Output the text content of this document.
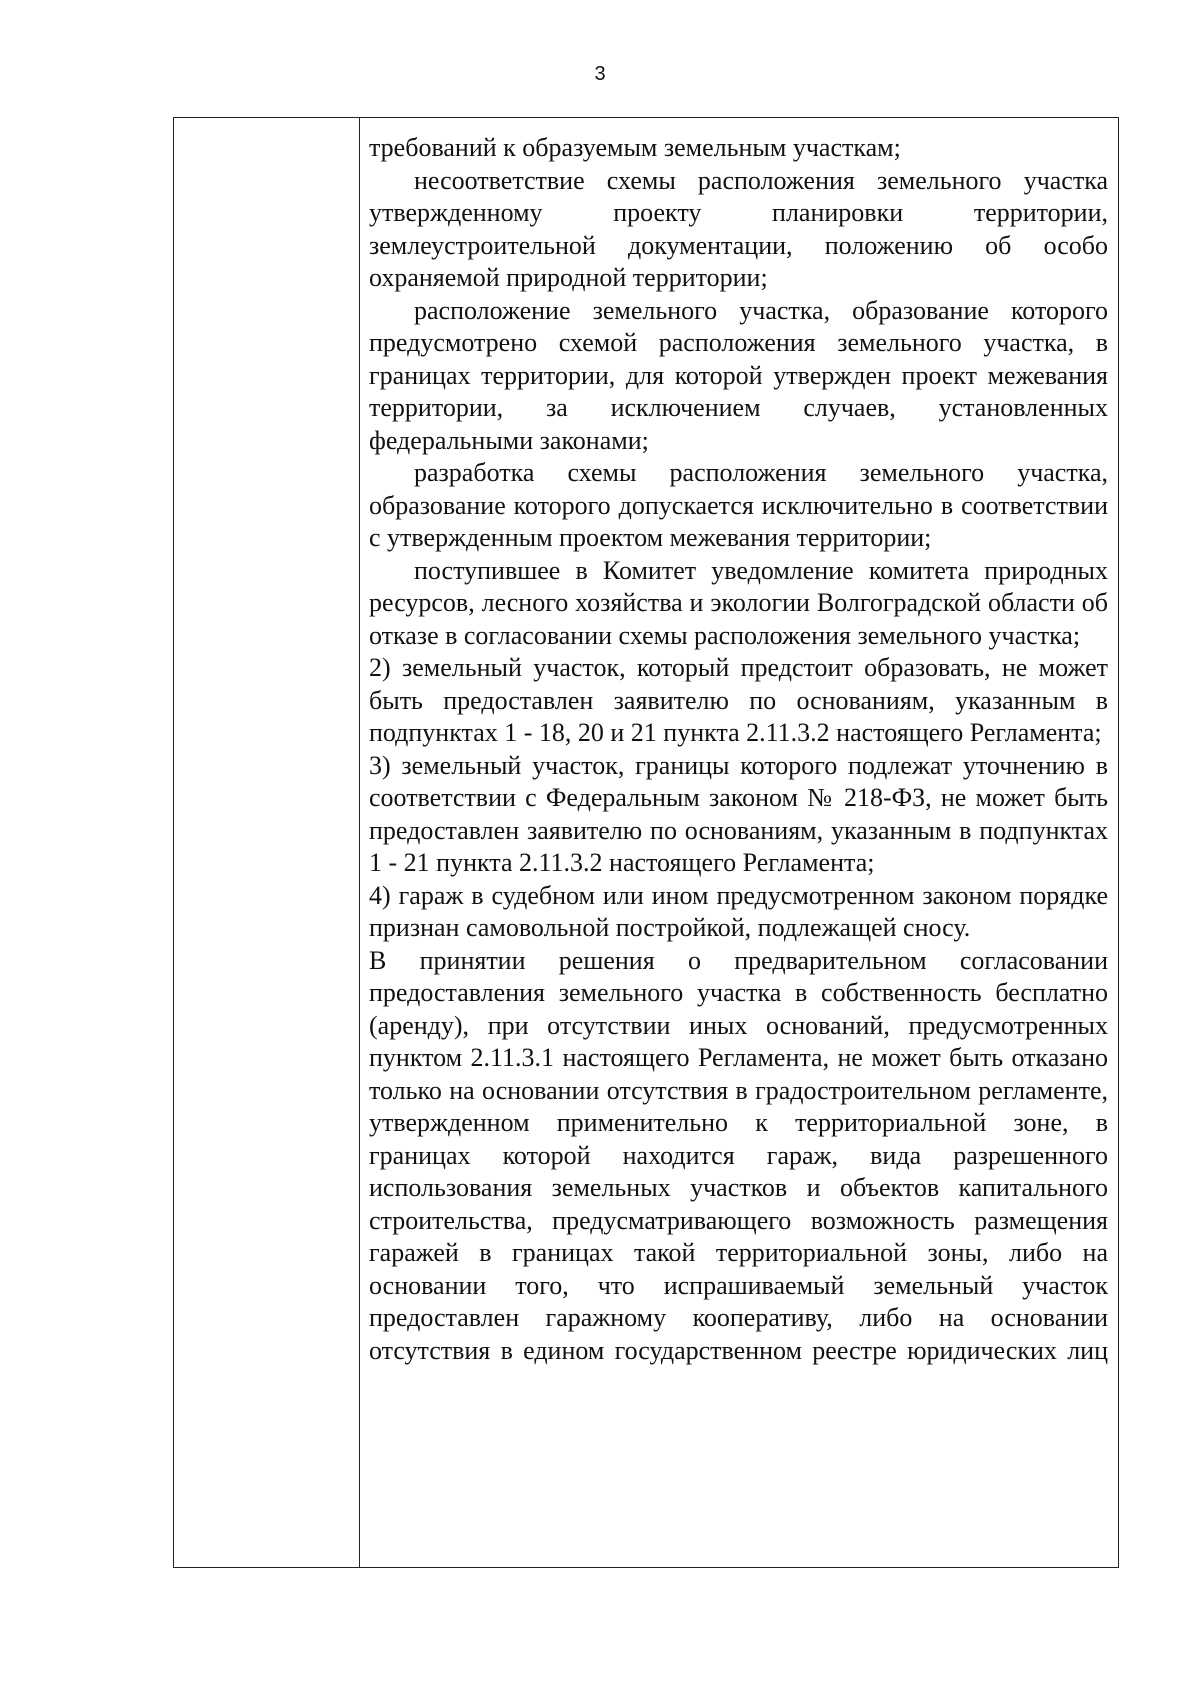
3

требований к образуемым земельным участкам;

несоответствие схемы расположения земельного участка утвержденному проекту планировки территории, землеустроительной документации, положению об особо охраняемой природной территории;

расположение земельного участка, образование которого предусмотрено схемой расположения земельного участка, в границах территории, для которой утвержден проект межевания территории, за исключением случаев, установленных федеральными законами;

разработка схемы расположения земельного участка, образование которого допускается исключительно в соответствии с утвержденным проектом межевания территории;

поступившее в Комитет уведомление комитета природных ресурсов, лесного хозяйства и экологии Волгоградской области об отказе в согласовании схемы расположения земельного участка;

2) земельный участок, который предстоит образовать, не может быть предоставлен заявителю по основаниям, указанным в подпунктах 1 - 18, 20 и 21 пункта 2.11.3.2 настоящего Регламента;

3) земельный участок, границы которого подлежат уточнению в соответствии с Федеральным законом № 218-ФЗ, не может быть предоставлен заявителю по основаниям, указанным в подпунктах 1 - 21 пункта 2.11.3.2 настоящего Регламента;

4) гараж в судебном или ином предусмотренном законом порядке признан самовольной постройкой, подлежащей сносу.

В принятии решения о предварительном согласовании предоставления земельного участка в собственность бесплатно (аренду), при отсутствии иных оснований, предусмотренных пунктом 2.11.3.1 настоящего Регламента, не может быть отказано только на основании отсутствия в градостроительном регламенте, утвержденном применительно к территориальной зоне, в границах которой находится гараж, вида разрешенного использования земельных участков и объектов капитального строительства, предусматривающего возможность размещения гаражей в границах такой территориальной зоны, либо на основании того, что испрашиваемый земельный участок предоставлен гаражному кооперативу, либо на основании отсутствия в едином государственном реестре юридических лиц
